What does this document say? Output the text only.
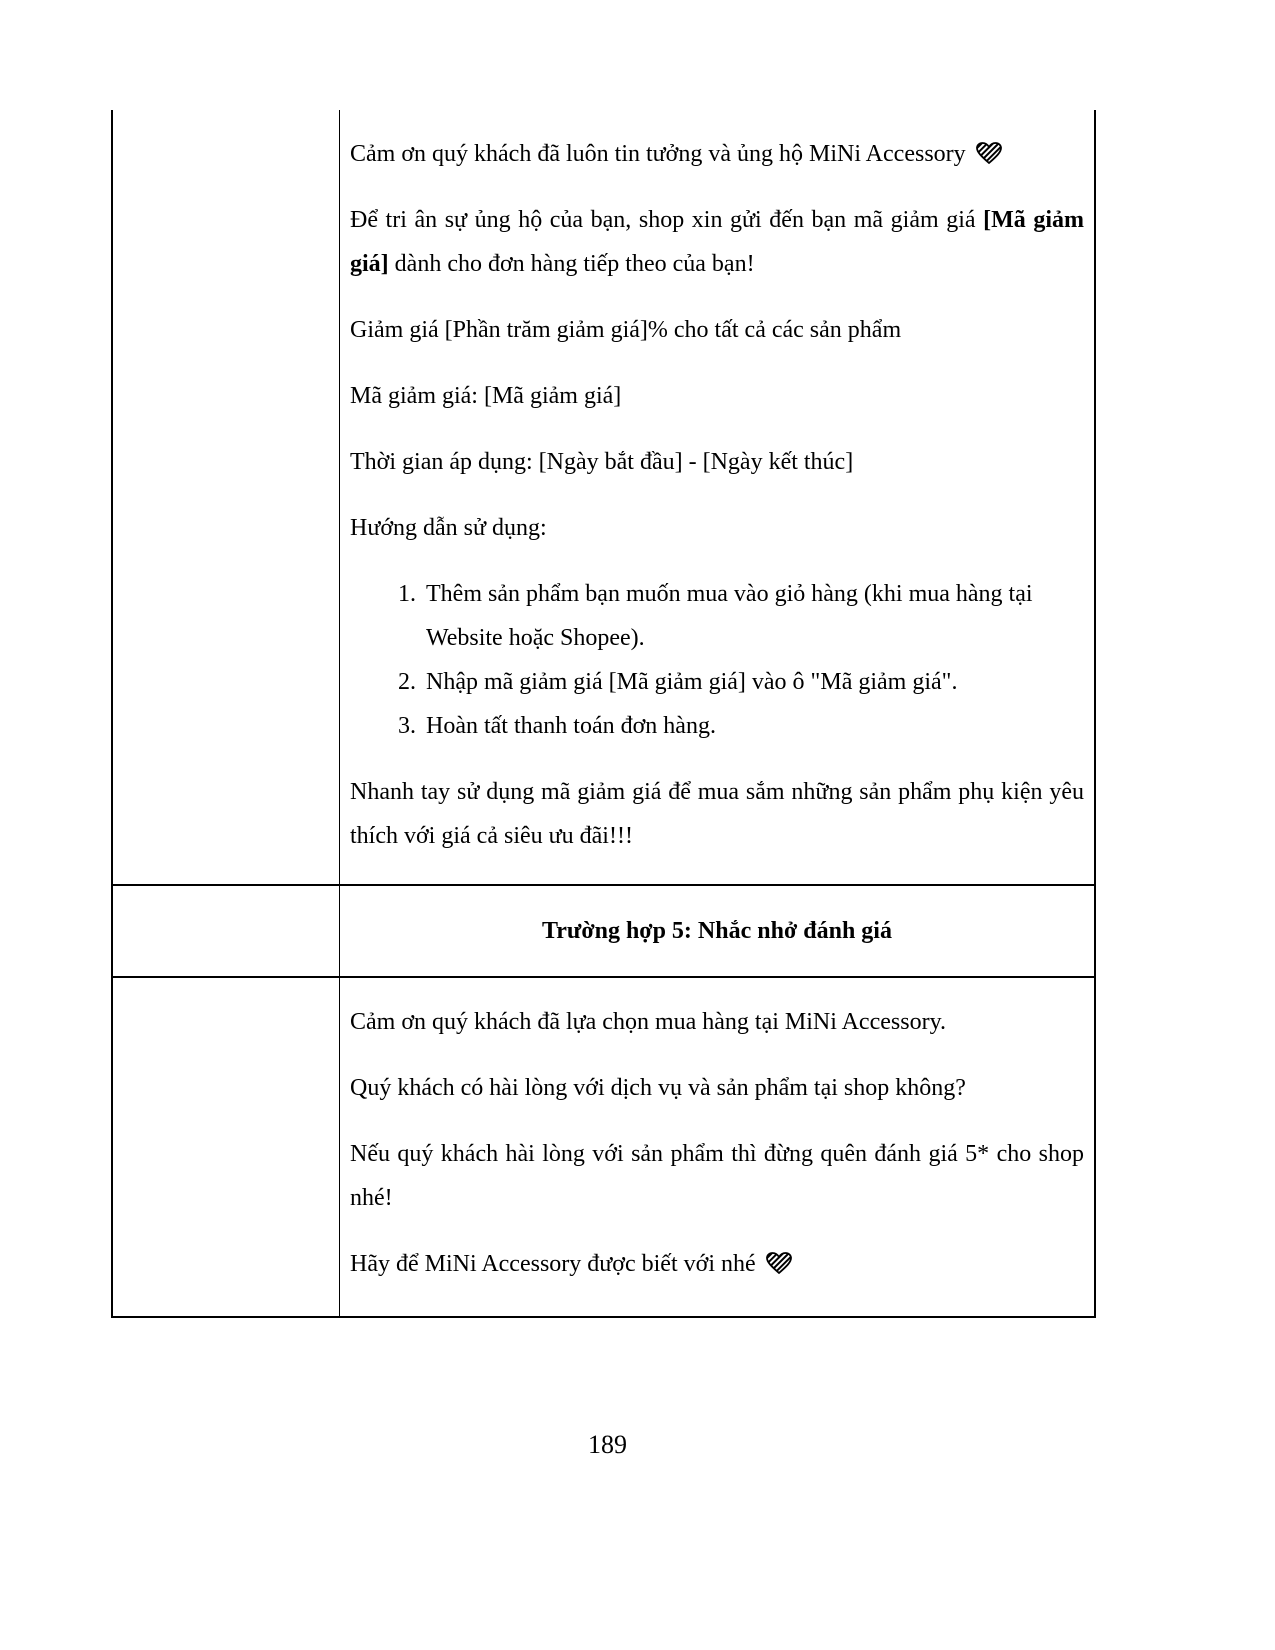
Cảm ơn quý khách đã luôn tin tưởng và ủng hộ MiNi Accessory

Để tri ân sự ủng hộ của bạn, shop xin gửi đến bạn mã giảm giá [Mã giảm giá] dành cho đơn hàng tiếp theo của bạn!

Giảm giá [Phần trăm giảm giá]% cho tất cả các sản phẩm

Mã giảm giá: [Mã giảm giá]

Thời gian áp dụng: [Ngày bắt đầu] - [Ngày kết thúc]

Hướng dẫn sử dụng:

1. Thêm sản phẩm bạn muốn mua vào giỏ hàng (khi mua hàng tại Website hoặc Shopee).
2. Nhập mã giảm giá [Mã giảm giá] vào ô "Mã giảm giá".
3. Hoàn tất thanh toán đơn hàng.

Nhanh tay sử dụng mã giảm giá để mua sắm những sản phẩm phụ kiện yêu thích với giá cả siêu ưu đãi!!!

Trường hợp 5: Nhắc nhở đánh giá

Cảm ơn quý khách đã lựa chọn mua hàng tại MiNi Accessory.

Quý khách có hài lòng với dịch vụ và sản phẩm tại shop không?

Nếu quý khách hài lòng với sản phẩm thì đừng quên đánh giá 5* cho shop nhé!

Hãy để MiNi Accessory được biết với nhé

189
